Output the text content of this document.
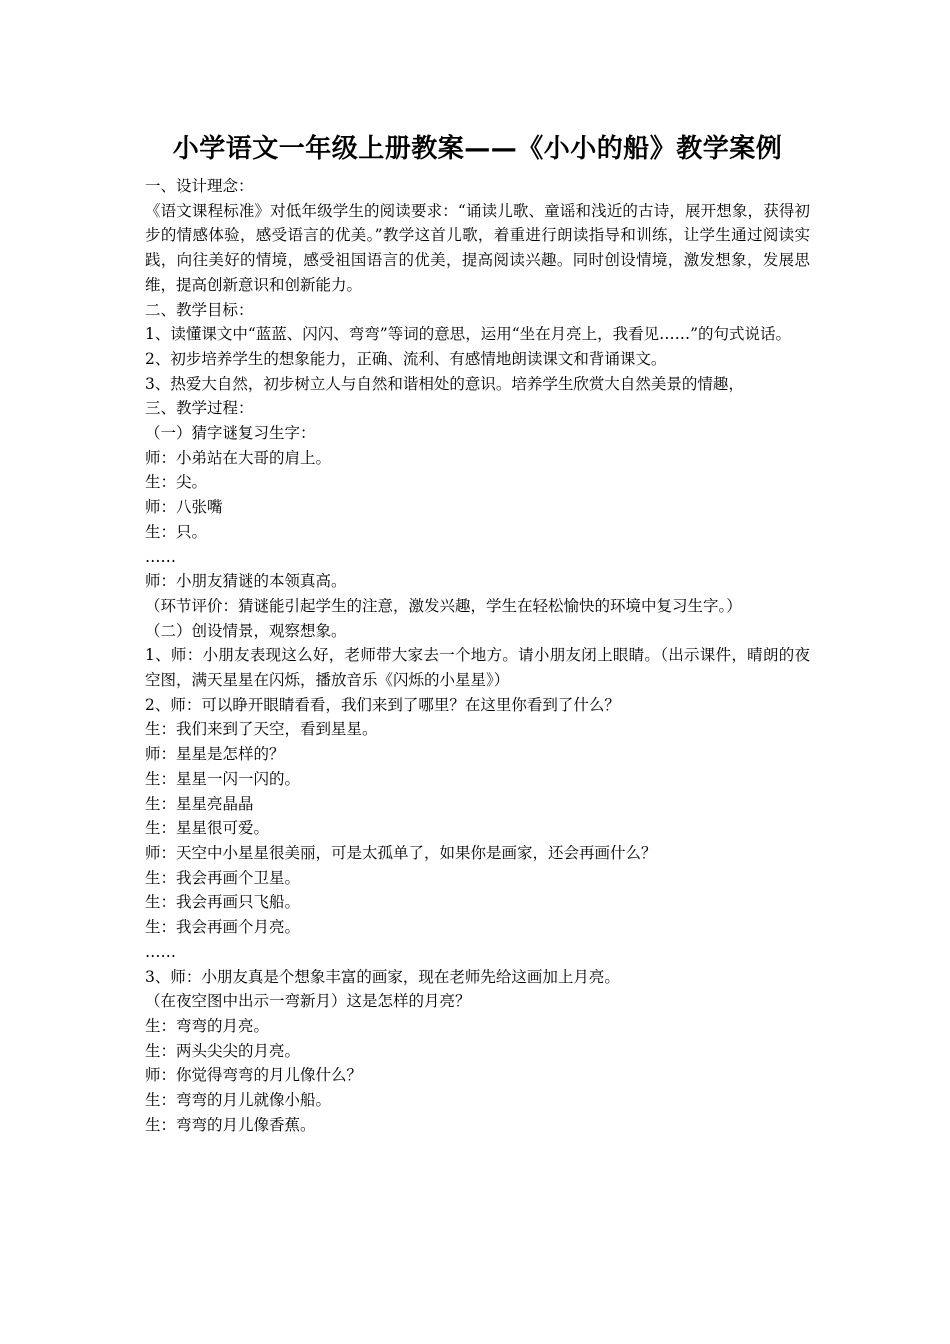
小学语文一年级上册教案——《小小的船》教学案例

一、设计理念：

《语文课程标准》对低年级学生的阅读要求：“诵读儿歌、童谣和浅近的古诗，展开想象，获得初步的情感体验，感受语言的优美。”教学这首儿歌，着重进行朗读指导和训练，让学生通过阅读实践，向往美好的情境，感受祖国语言的优美，提高阅读兴趣。同时创设情境，激发想象，发展思维，提高创新意识和创新能力。

二、教学目标：

1、读懂课文中“蓝蓝、闪闪、弯弯”等词的意思，运用“坐在月亮上，我看见……”的句式说话。

2、初步培养学生的想象能力，正确、流利、有感情地朗读课文和背诵课文。

3、热爱大自然，初步树立人与自然和谐相处的意识。培养学生欣赏大自然美景的情趣，

三、教学过程：

（一）猜字谜复习生字：

师：小弟站在大哥的肩上。

生：尖。

师：八张嘴

生：只。

……

师：小朋友猜谜的本领真高。

（环节评价：猜谜能引起学生的注意，激发兴趣，学生在轻松愉快的环境中复习生字。）

（二）创设情景，观察想象。

1、师：小朋友表现这么好，老师带大家去一个地方。请小朋友闭上眼睛。（出示课件，晴朗的夜空图，满天星星在闪烁，播放音乐《闪烁的小星星》）

2、师：可以睁开眼睛看看，我们来到了哪里？在这里你看到了什么？

生：我们来到了天空，看到星星。

师：星星是怎样的？

生：星星一闪一闪的。

生：星星亮晶晶

生：星星很可爱。

师：天空中小星星很美丽，可是太孤单了，如果你是画家，还会再画什么？

生：我会再画个卫星。

生：我会再画只飞船。

生：我会再画个月亮。

……

3、师：小朋友真是个想象丰富的画家，现在老师先给这画加上月亮。

（在夜空图中出示一弯新月）这是怎样的月亮？

生：弯弯的月亮。

生：两头尖尖的月亮。

师：你觉得弯弯的月儿像什么？

生：弯弯的月儿就像小船。

生：弯弯的月儿像香蕉。
